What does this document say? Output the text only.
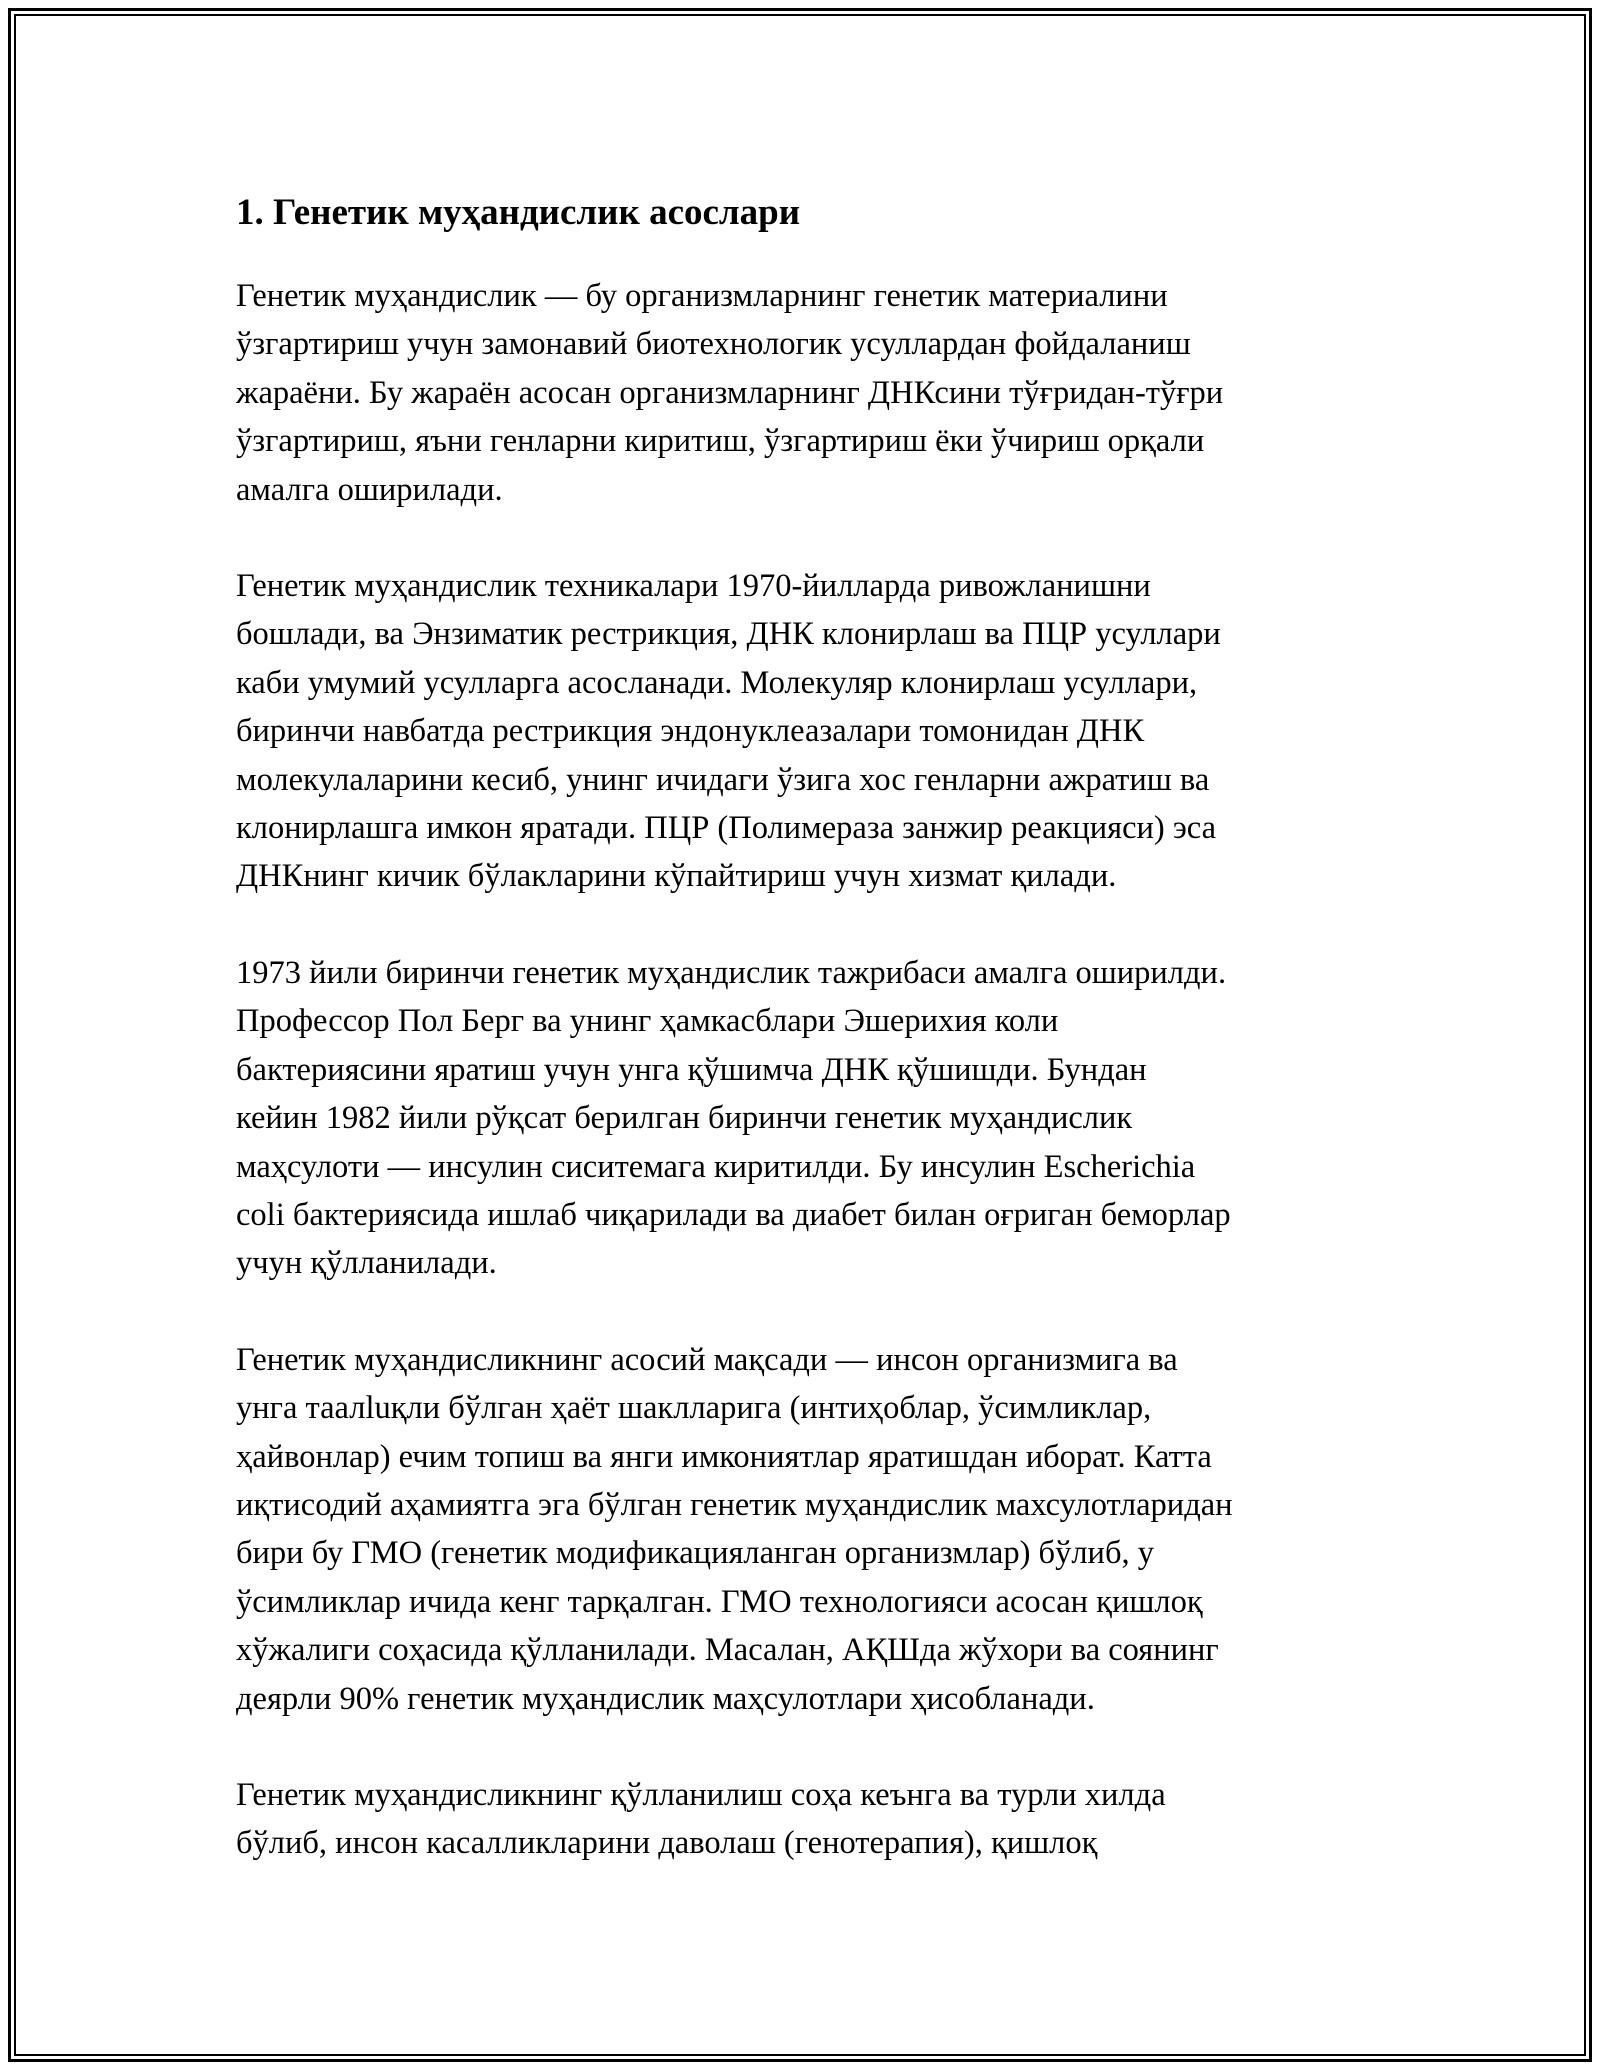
1. Генетик муҳандислик асослари

Генетик муҳандислик — бу организмларнинг генетик материалини
ўзгартириш учун замонавий биотехнологик усуллардан фойдаланиш
жараёни. Бу жараён асосан организмларнинг ДНКсини тўғридан-тўғри
ўзгартириш, яъни генларни киритиш, ўзгартириш ёки ўчириш орқали
амалга оширилади.

Генетик муҳандислик техникалари 1970-йилларда ривожланишни
бошлади, ва Энзиматик рестрикция, ДНК клонирлаш ва ПЦР усуллари
каби умумий усулларга асосланади. Молекуляр клонирлаш усуллари,
биринчи навбатда рестрикция эндонуклеазалари томонидан ДНК
молекулаларини кесиб, унинг ичидаги ўзига хос генларни ажратиш ва
клонирлашга имкон яратади. ПЦР (Полимераза занжир реакцияси) эса
ДНКнинг кичик бўлакларини кўпайтириш учун хизмат қилади.

1973 йили биринчи генетик муҳандислик тажрибаси амалга оширилди.
Профессор Пол Берг ва унинг ҳамкасблари Эшерихия коли
бактериясини яратиш учун унга қўшимча ДНК қўшишди. Бундан
кейин 1982 йили рўқсат берилган биринчи генетик муҳандислик
маҳсулоти — инсулин сиситемага киритилди. Бу инсулин Escherichia
coli бактериясида ишлаб чиқарилади ва диабет билан оғриган беморлар
учун қўлланилади.

Генетик муҳандисликнинг асосий мақсади — инсон организмига ва
унга таалluқли бўлган ҳаёт шаклларига (интиҳоблар, ўсимликлар,
ҳайвонлар) ечим топиш ва янги имкониятлар яратишдан иборат. Катта
иқтисодий аҳамиятга эга бўлган генетик муҳандислик махсулотларидан
бири бу ГМО (генетик модификацияланган организмлар) бўлиб, у
ўсимликлар ичида кенг тарқалган. ГМО технологияси асосан қишлоқ
хўжалиги соҳасида қўлланилади. Масалан, АҚШда жўхори ва соянинг
деярли 90% генетик муҳандислик маҳсулотлари ҳисобланади.

Генетик муҳандисликнинг қўлланилиш соҳа кеънга ва турли хилда
бўлиб, инсон касалликларини даволаш (генотерапия), қишлоқ
